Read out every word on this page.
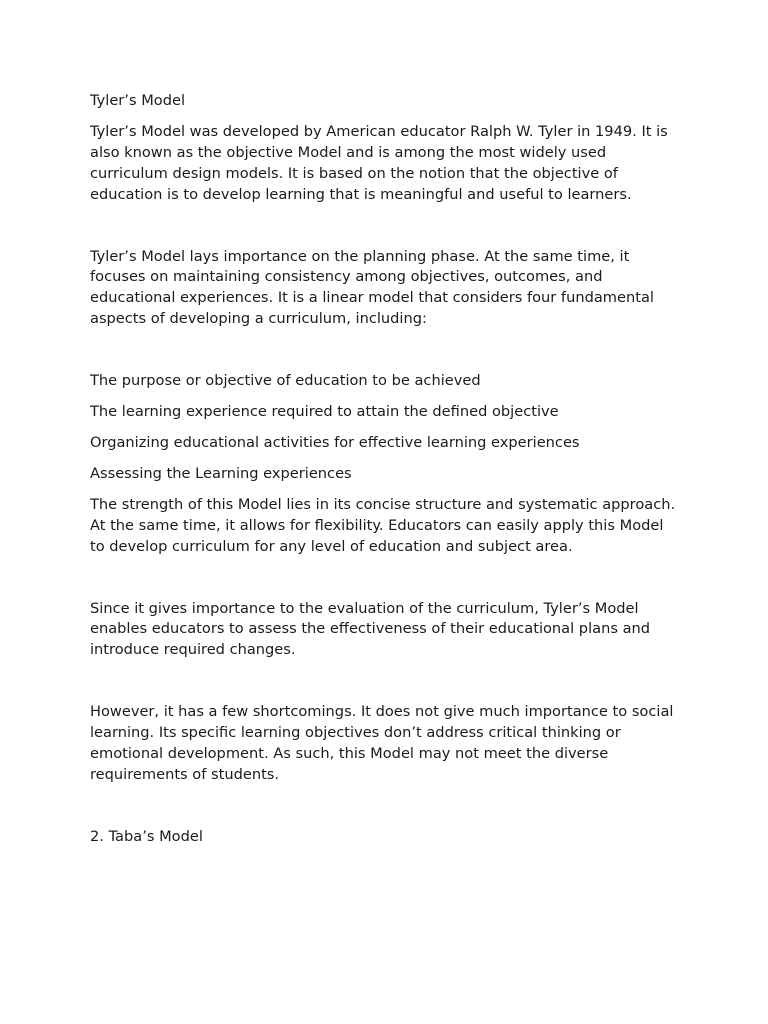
Tyler’s Model

Tyler’s Model was developed by American educator Ralph W. Tyler in 1949. It is also known as the objective Model and is among the most widely used curriculum design models. It is based on the notion that the objective of education is to develop learning that is meaningful and useful to learners.

Tyler’s Model lays importance on the planning phase. At the same time, it focuses on maintaining consistency among objectives, outcomes, and educational experiences. It is a linear model that considers four fundamental aspects of developing a curriculum, including:

The purpose or objective of education to be achieved

The learning experience required to attain the defined objective

Organizing educational activities for effective learning experiences

Assessing the Learning experiences

The strength of this Model lies in its concise structure and systematic approach. At the same time, it allows for flexibility. Educators can easily apply this Model to develop curriculum for any level of education and subject area.

Since it gives importance to the evaluation of the curriculum, Tyler’s Model enables educators to assess the effectiveness of their educational plans and introduce required changes.

However, it has a few shortcomings. It does not give much importance to social learning. Its specific learning objectives don’t address critical thinking or emotional development. As such, this Model may not meet the diverse requirements of students.

2. Taba’s Model
